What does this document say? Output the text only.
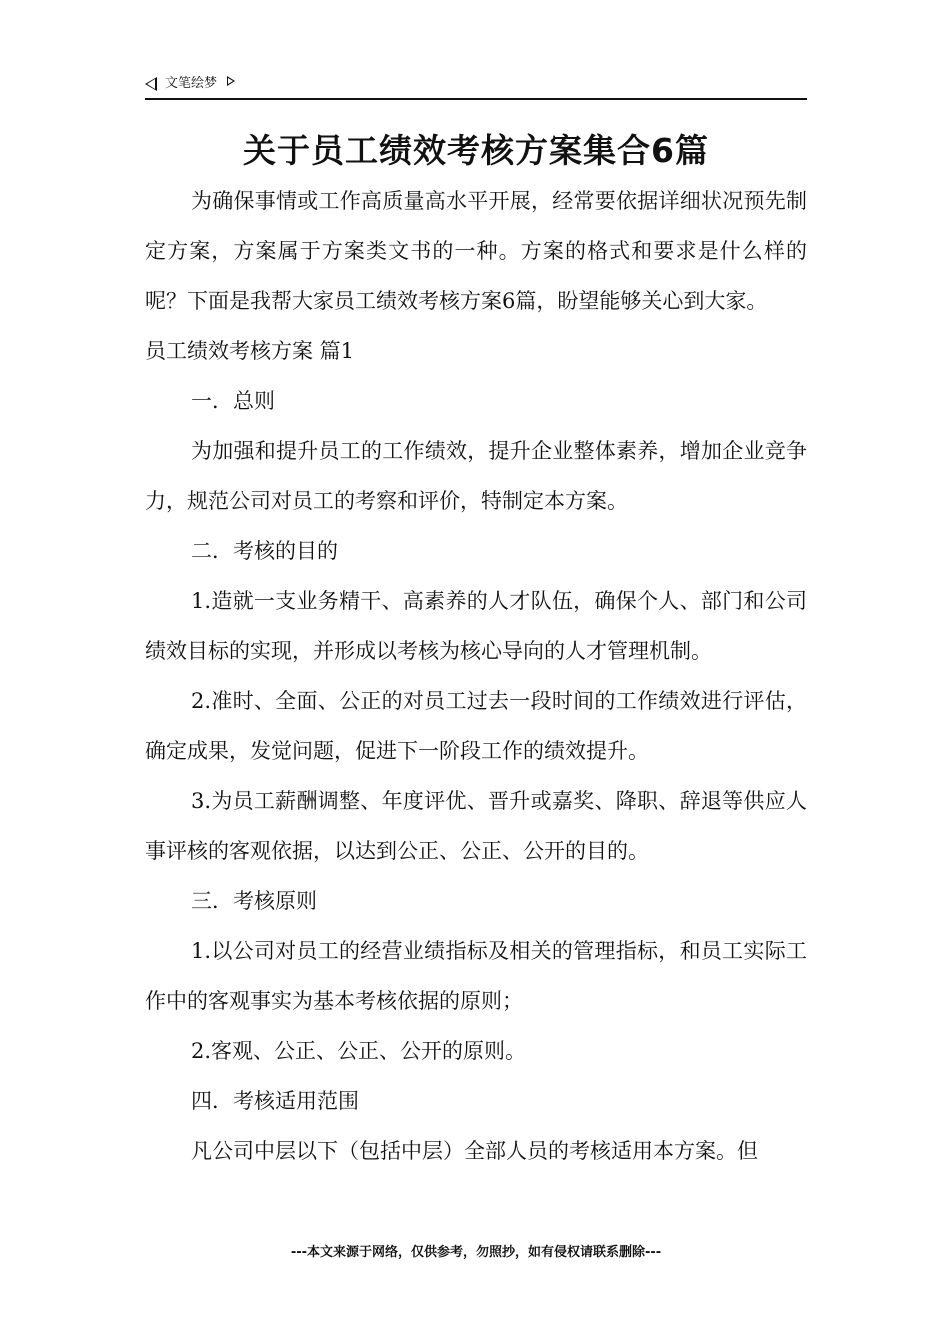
文笔绘梦
关于员工绩效考核方案集合6篇

为确保事情或工作高质量高水平开展，经常要依据详细状况预先制定方案，方案属于方案类文书的一种。方案的格式和要求是什么样的呢？下面是我帮大家员工绩效考核方案6篇，盼望能够关心到大家。

员工绩效考核方案 篇1

一．总则

为加强和提升员工的工作绩效，提升企业整体素养，增加企业竞争力，规范公司对员工的考察和评价，特制定本方案。

二．考核的目的

1.造就一支业务精干、高素养的人才队伍，确保个人、部门和公司绩效目标的实现，并形成以考核为核心导向的人才管理机制。

2.准时、全面、公正的对员工过去一段时间的工作绩效进行评估，确定成果，发觉问题，促进下一阶段工作的绩效提升。

3.为员工薪酬调整、年度评优、晋升或嘉奖、降职、辞退等供应人事评核的客观依据，以达到公正、公正、公开的目的。

三．考核原则

1.以公司对员工的经营业绩指标及相关的管理指标，和员工实际工作中的客观事实为基本考核依据的原则；

2.客观、公正、公正、公开的原则。

四．考核适用范围

凡公司中层以下（包括中层）全部人员的考核适用本方案。但

---本文来源于网络，仅供参考，勿照抄，如有侵权请联系删除---
